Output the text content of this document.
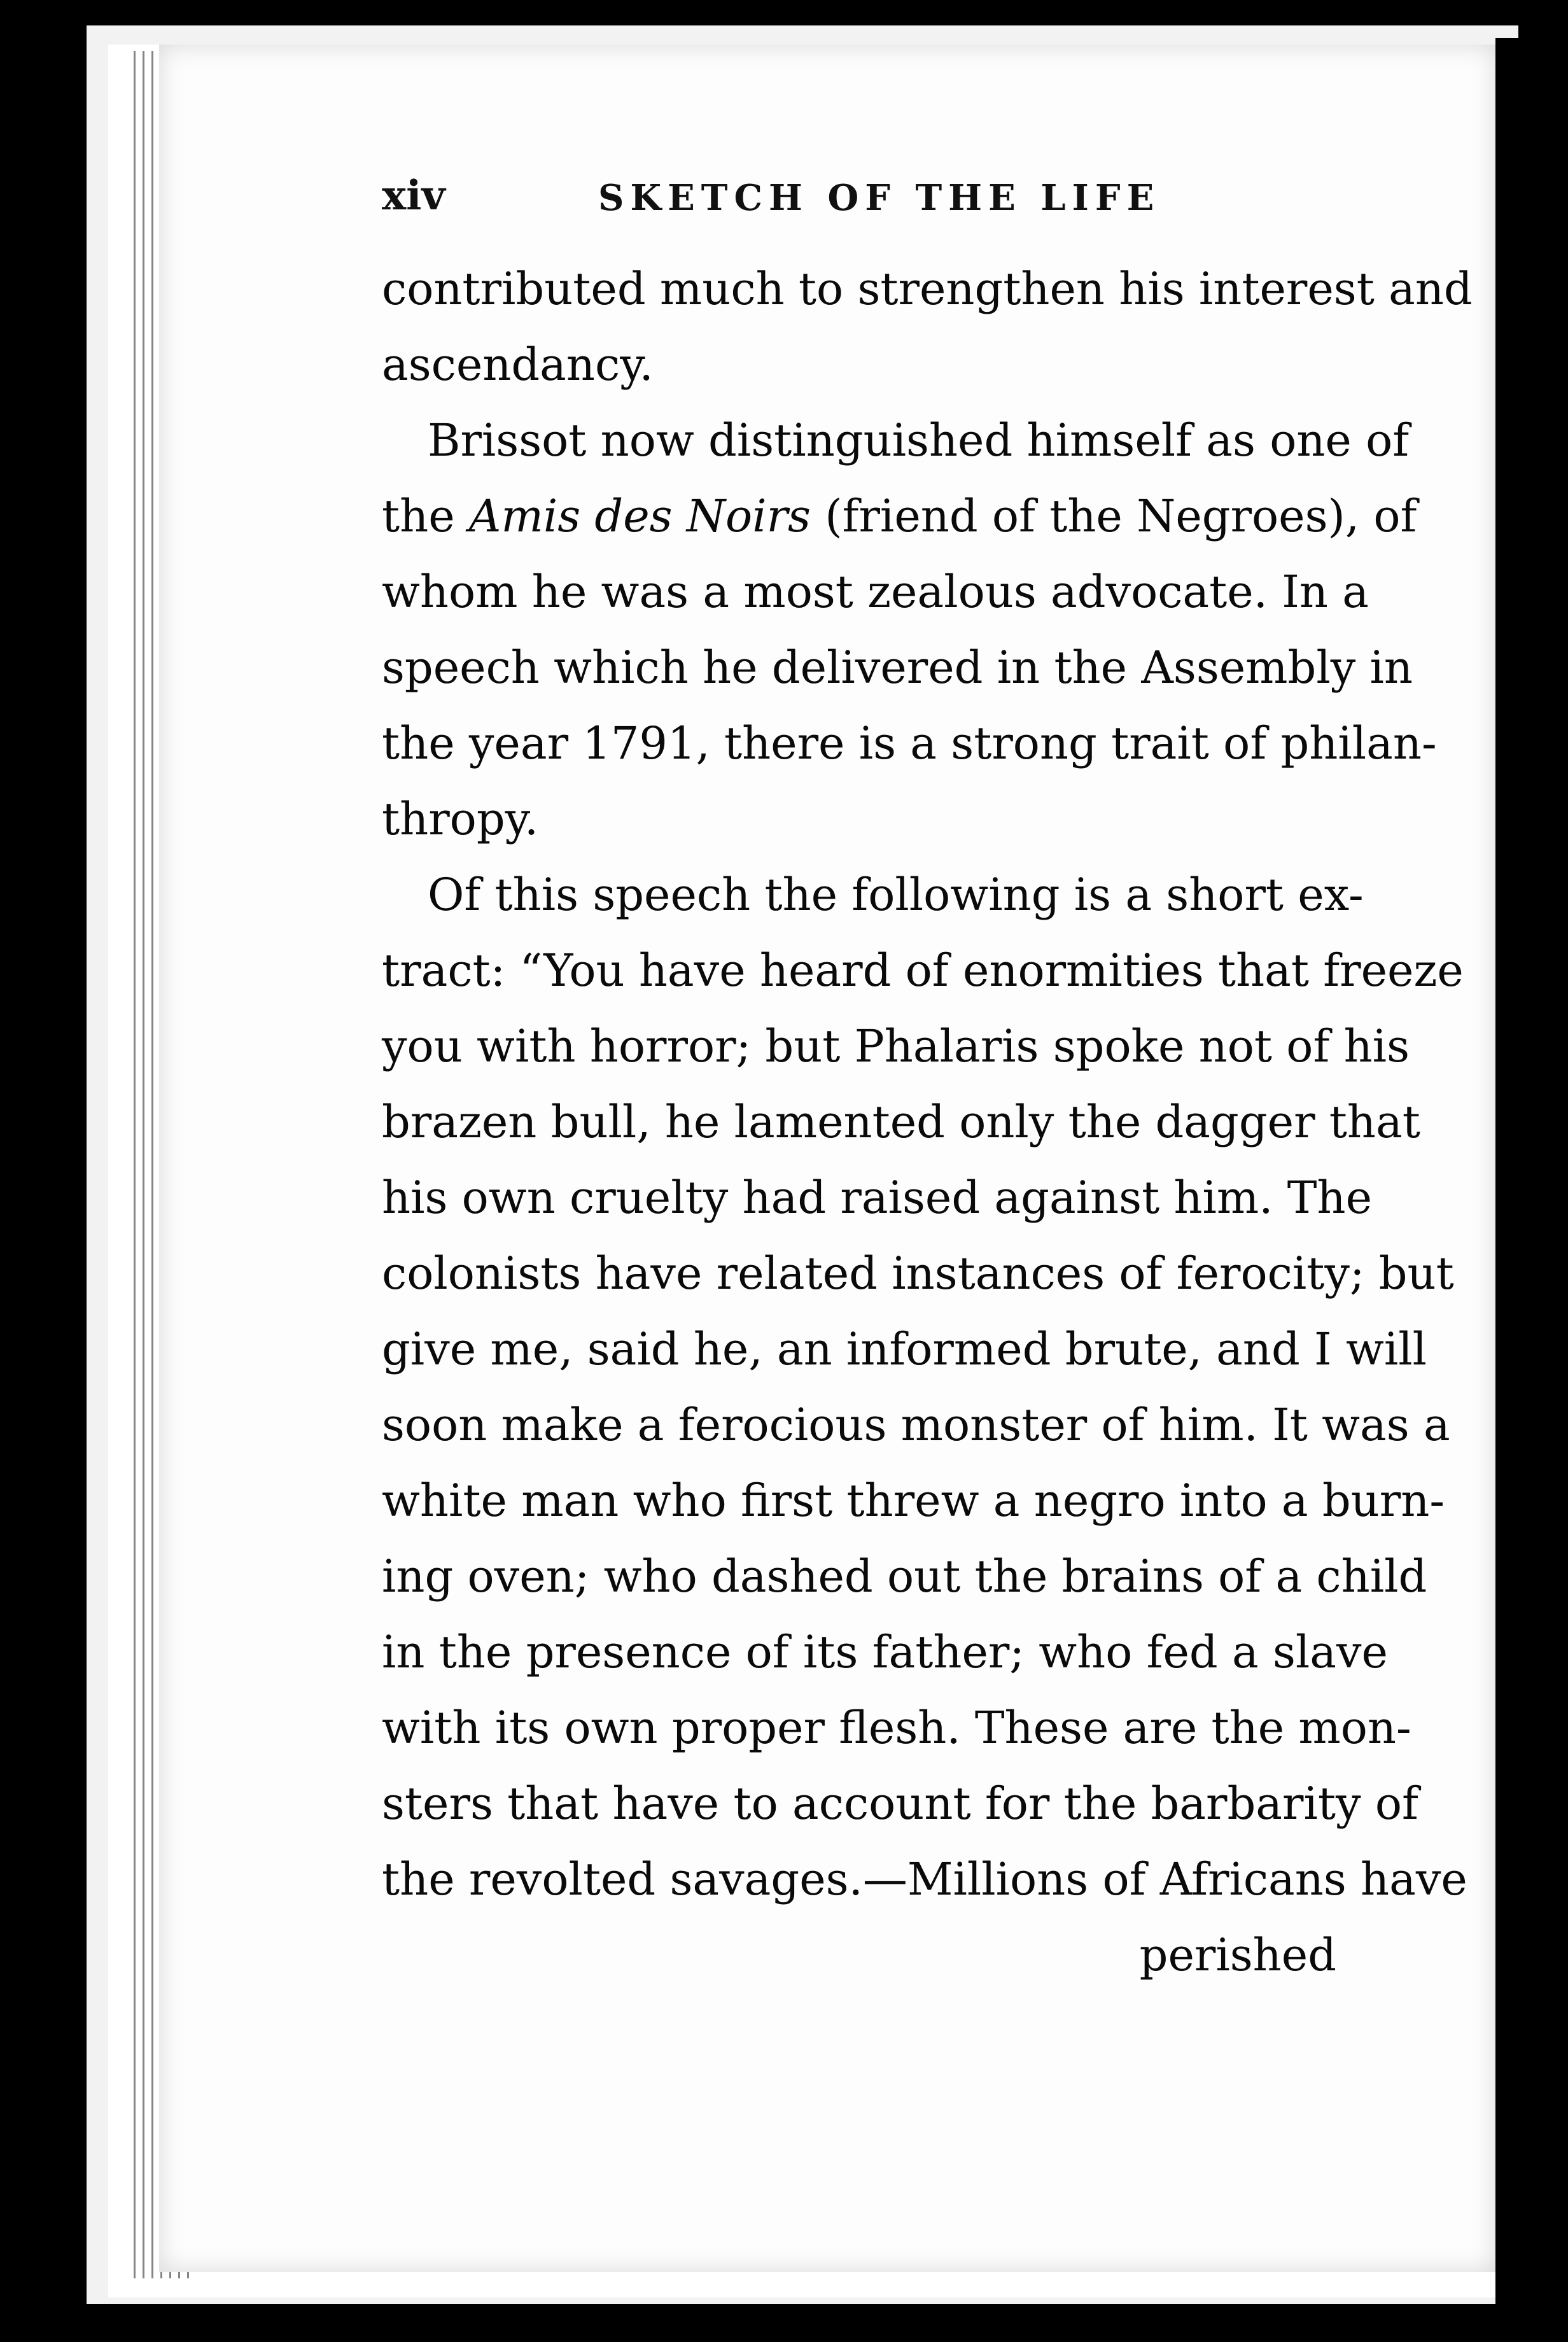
xiv	SKETCH OF THE LIFE
contributed much to strengthen his interest and
ascendancy.
Brissot now distinguished himself as one of
the Amis des Noirs (friend of the Negroes), of
whom he was a most zealous advocate. In a
speech which he delivered in the Assembly in
the year 1791, there is a strong trait of philan-
thropy.
Of this speech the following is a short ex-
tract: “You have heard of enormities that freeze
you with horror; but Phalaris spoke not of his
brazen bull, he lamented only the dagger that
his own cruelty had raised against him. The
colonists have related instances of ferocity; but
give me, said he, an informed brute, and I will
soon make a ferocious monster of him. It was a
white man who first threw a negro into a burn-
ing oven; who dashed out the brains of a child
in the presence of its father; who fed a slave
with its own proper flesh. These are the mon-
sters that have to account for the barbarity of
the revolted savages.—Millions of Africans have
perished
